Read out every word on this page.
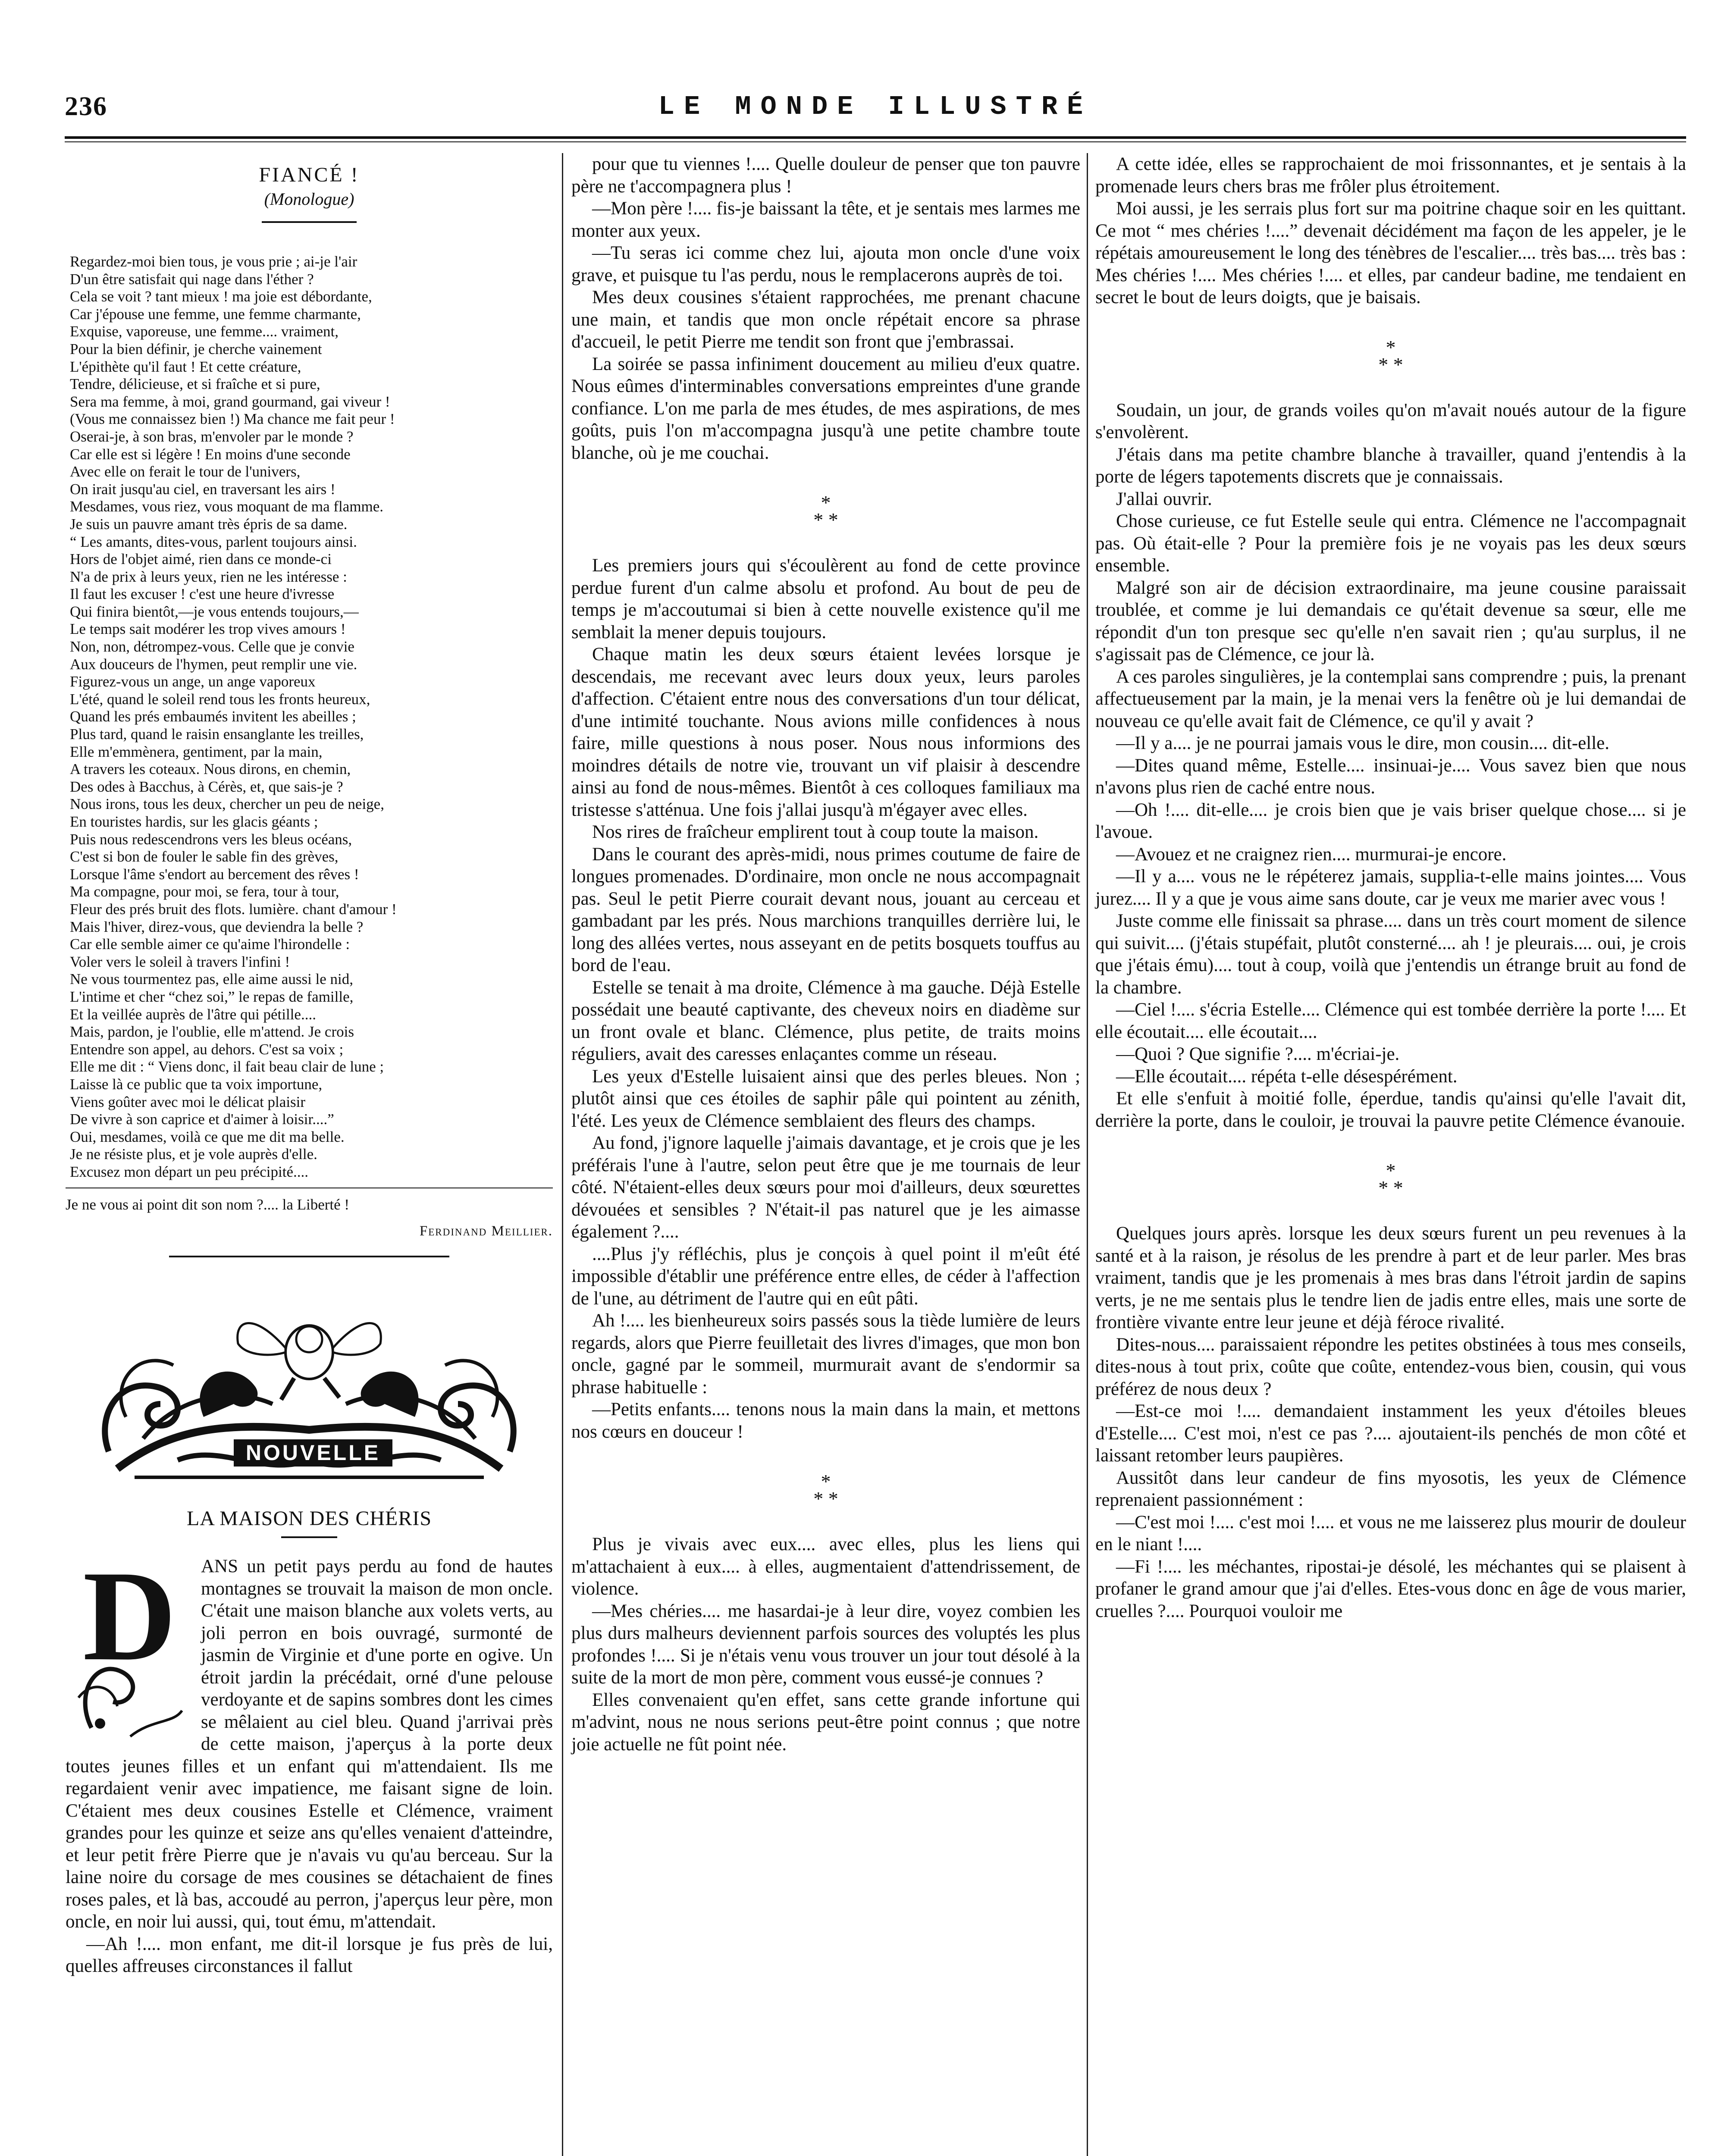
236	LE MONDE ILLUSTRÉ
FIANCÉ !
(Monologue)
Regardez-moi bien tous, je vous prie ; ai-je l'air
D'un être satisfait qui nage dans l'éther ?
Cela se voit ? tant mieux ! ma joie est débordante,
Car j'épouse une femme, une femme charmante,
Exquise, vaporeuse, une femme.... vraiment,
Pour la bien définir, je cherche vainement
L'épithète qu'il faut ! Et cette créature,
Tendre, délicieuse, et si fraîche et si pure,
Sera ma femme, à moi, grand gourmand, gai viveur !
(Vous me connaissez bien !) Ma chance me fait peur !
Oserai-je, à son bras, m'envoler par le monde ?
Car elle est si légère ! En moins d'une seconde
Avec elle on ferait le tour de l'univers,
On irait jusqu'au ciel, en traversant les airs !
Mesdames, vous riez, vous moquant de ma flamme.
Je suis un pauvre amant très épris de sa dame.
“ Les amants, dites-vous, parlent toujours ainsi.
Hors de l'objet aimé, rien dans ce monde-ci
N'a de prix à leurs yeux, rien ne les intéresse :
Il faut les excuser ! c'est une heure d'ivresse
Qui finira bientôt,—je vous entends toujours,—
Le temps sait modérer les trop vives amours !
Non, non, détrompez-vous. Celle que je convie
Aux douceurs de l'hymen, peut remplir une vie.
Figurez-vous un ange, un ange vaporeux
L'été, quand le soleil rend tous les fronts heureux,
Quand les prés embaumés invitent les abeilles ;
Plus tard, quand le raisin ensanglante les treilles,
Elle m'emmènera, gentiment, par la main,
A travers les coteaux. Nous dirons, en chemin,
Des odes à Bacchus, à Cérès, et, que sais-je ?
Nous irons, tous les deux, chercher un peu de neige,
En touristes hardis, sur les glacis géants ;
Puis nous redescendrons vers les bleus océans,
C'est si bon de fouler le sable fin des grèves,
Lorsque l'âme s'endort au bercement des rêves !
Ma compagne, pour moi, se fera, tour à tour,
Fleur des prés bruit des flots. lumière. chant d'amour !
Mais l'hiver, direz-vous, que deviendra la belle ?
Car elle semble aimer ce qu'aime l'hirondelle :
Voler vers le soleil à travers l'infini !
Ne vous tourmentez pas, elle aime aussi le nid,
L'intime et cher “chez soi,” le repas de famille,
Et la veillée auprès de l'âtre qui pétille....
Mais, pardon, je l'oublie, elle m'attend. Je crois
Entendre son appel, au dehors. C'est sa voix ;
Elle me dit : “ Viens donc, il fait beau clair de lune ;
Laisse là ce public que ta voix importune,
Viens goûter avec moi le délicat plaisir
De vivre à son caprice et d'aimer à loisir....”
Oui, mesdames, voilà ce que me dit ma belle.
Je ne résiste plus, et je vole auprès d'elle.
Excusez mon départ un peu précipité....
Je ne vous ai point dit son nom ?.... la Liberté !
Ferdinand Meillier.
NOUVELLE
LA MAISON DES CHÉRIS
D	ANS un petit pays perdu au fond de hautes montagnes se trouvait la maison de mon oncle. C'était une maison blanche aux volets verts, au joli perron en bois ouvragé, surmonté de jasmin de Virginie et d'une porte en ogive. Un étroit jardin la précédait, orné d'une pelouse verdoyante et de sapins sombres dont les cimes se mêlaient au ciel bleu. Quand j'arrivai près de cette maison, j'aperçus à la porte deux toutes jeunes filles et un enfant qui m'attendaient. Ils me regardaient venir avec impatience, me faisant signe de loin. C'étaient mes deux cousines Estelle et Clémence, vraiment grandes pour les quinze et seize ans qu'elles venaient d'atteindre, et leur petit frère Pierre que je n'avais vu qu'au berceau. Sur la laine noire du corsage de mes cousines se détachaient de fines roses pales, et là bas, accoudé au perron, j'aperçus leur père, mon oncle, en noir lui aussi, qui, tout ému, m'attendait.

—Ah !.... mon enfant, me dit-il lorsque je fus près de lui, quelles affreuses circonstances il fallut

pour que tu viennes !.... Quelle douleur de penser que ton pauvre père ne t'accompagnera plus !

—Mon père !.... fis-je baissant la tête, et je sentais mes larmes me monter aux yeux.

—Tu seras ici comme chez lui, ajouta mon oncle d'une voix grave, et puisque tu l'as perdu, nous le remplacerons auprès de toi.

Mes deux cousines s'étaient rapprochées, me prenant chacune une main, et tandis que mon oncle répétait encore sa phrase d'accueil, le petit Pierre me tendit son front que j'embrassai.

La soirée se passa infiniment doucement au milieu d'eux quatre. Nous eûmes d'interminables conversations empreintes d'une grande confiance. L'on me parla de mes études, de mes aspirations, de mes goûts, puis l'on m'accompagna jusqu'à une petite chambre toute blanche, où je me couchai.

*
* *

Les premiers jours qui s'écoulèrent au fond de cette province perdue furent d'un calme absolu et profond. Au bout de peu de temps je m'accoutumai si bien à cette nouvelle existence qu'il me semblait la mener depuis toujours.

Chaque matin les deux sœurs étaient levées lorsque je descendais, me recevant avec leurs doux yeux, leurs paroles d'affection. C'étaient entre nous des conversations d'un tour délicat, d'une intimité touchante. Nous avions mille confidences à nous faire, mille questions à nous poser. Nous nous informions des moindres détails de notre vie, trouvant un vif plaisir à descendre ainsi au fond de nous-mêmes. Bientôt à ces colloques familiaux ma tristesse s'atténua. Une fois j'allai jusqu'à m'égayer avec elles.

Nos rires de fraîcheur emplirent tout à coup toute la maison.

Dans le courant des après-midi, nous primes coutume de faire de longues promenades. D'ordinaire, mon oncle ne nous accompagnait pas. Seul le petit Pierre courait devant nous, jouant au cerceau et gambadant par les prés. Nous marchions tranquilles derrière lui, le long des allées vertes, nous asseyant en de petits bosquets touffus au bord de l'eau.

Estelle se tenait à ma droite, Clémence à ma gauche. Déjà Estelle possédait une beauté captivante, des cheveux noirs en diadème sur un front ovale et blanc. Clémence, plus petite, de traits moins réguliers, avait des caresses enlaçantes comme un réseau.

Les yeux d'Estelle luisaient ainsi que des perles bleues. Non ; plutôt ainsi que ces étoiles de saphir pâle qui pointent au zénith, l'été. Les yeux de Clémence semblaient des fleurs des champs.

Au fond, j'ignore laquelle j'aimais davantage, et je crois que je les préférais l'une à l'autre, selon peut être que je me tournais de leur côté. N'étaient-elles deux sœurs pour moi d'ailleurs, deux sœurettes dévouées et sensibles ? N'était-il pas naturel que je les aimasse également ?....

....Plus j'y réfléchis, plus je conçois à quel point il m'eût été impossible d'établir une préférence entre elles, de céder à l'affection de l'une, au détriment de l'autre qui en eût pâti.

Ah !.... les bienheureux soirs passés sous la tiède lumière de leurs regards, alors que Pierre feuilletait des livres d'images, que mon bon oncle, gagné par le sommeil, murmurait avant de s'endormir sa phrase habituelle :

—Petits enfants.... tenons nous la main dans la main, et mettons nos cœurs en douceur !

*
* *

Plus je vivais avec eux.... avec elles, plus les liens qui m'attachaient à eux.... à elles, augmentaient d'attendrissement, de violence.

—Mes chéries.... me hasardai-je à leur dire, voyez combien les plus durs malheurs deviennent parfois sources des voluptés les plus profondes !.... Si je n'étais venu vous trouver un jour tout désolé à la suite de la mort de mon père, comment vous eussé-je connues ?

Elles convenaient qu'en effet, sans cette grande infortune qui m'advint, nous ne nous serions peut-être point connus ; que notre joie actuelle ne fût point née.

A cette idée, elles se rapprochaient de moi frissonnantes, et je sentais à la promenade leurs chers bras me frôler plus étroitement.

Moi aussi, je les serrais plus fort sur ma poitrine chaque soir en les quittant. Ce mot “ mes chéries !....” devenait décidément ma façon de les appeler, je le répétais amoureusement le long des ténèbres de l'escalier.... très bas.... très bas : Mes chéries !.... Mes chéries !.... et elles, par candeur badine, me tendaient en secret le bout de leurs doigts, que je baisais.

*
* *

Soudain, un jour, de grands voiles qu'on m'avait noués autour de la figure s'envolèrent.

J'étais dans ma petite chambre blanche à travailler, quand j'entendis à la porte de légers tapotements discrets que je connaissais.

J'allai ouvrir.

Chose curieuse, ce fut Estelle seule qui entra. Clémence ne l'accompagnait pas. Où était-elle ? Pour la première fois je ne voyais pas les deux sœurs ensemble.

Malgré son air de décision extraordinaire, ma jeune cousine paraissait troublée, et comme je lui demandais ce qu'était devenue sa sœur, elle me répondit d'un ton presque sec qu'elle n'en savait rien ; qu'au surplus, il ne s'agissait pas de Clémence, ce jour là.

A ces paroles singulières, je la contemplai sans comprendre ; puis, la prenant affectueusement par la main, je la menai vers la fenêtre où je lui demandai de nouveau ce qu'elle avait fait de Clémence, ce qu'il y avait ?

—Il y a.... je ne pourrai jamais vous le dire, mon cousin.... dit-elle.

—Dites quand même, Estelle.... insinuai-je.... Vous savez bien que nous n'avons plus rien de caché entre nous.

—Oh !.... dit-elle.... je crois bien que je vais briser quelque chose.... si je l'avoue.

—Avouez et ne craignez rien.... murmurai-je encore.

—Il y a.... vous ne le répéterez jamais, supplia-t-elle mains jointes.... Vous jurez.... Il y a que je vous aime sans doute, car je veux me marier avec vous !

Juste comme elle finissait sa phrase.... dans un très court moment de silence qui suivit.... (j'étais stupéfait, plutôt consterné.... ah ! je pleurais.... oui, je crois que j'étais ému).... tout à coup, voilà que j'entendis un étrange bruit au fond de la chambre.

—Ciel !.... s'écria Estelle.... Clémence qui est tombée derrière la porte !.... Et elle écoutait.... elle écoutait....

—Quoi ? Que signifie ?.... m'écriai-je.

—Elle écoutait.... répéta t-elle désespérément.

Et elle s'enfuit à moitié folle, éperdue, tandis qu'ainsi qu'elle l'avait dit, derrière la porte, dans le couloir, je trouvai la pauvre petite Clémence évanouie.

*
* *

Quelques jours après. lorsque les deux sœurs furent un peu revenues à la santé et à la raison, je résolus de les prendre à part et de leur parler. Mes bras vraiment, tandis que je les promenais à mes bras dans l'étroit jardin de sapins verts, je ne me sentais plus le tendre lien de jadis entre elles, mais une sorte de frontière vivante entre leur jeune et déjà féroce rivalité.

Dites-nous.... paraissaient répondre les petites obstinées à tous mes conseils, dites-nous à tout prix, coûte que coûte, entendez-vous bien, cousin, qui vous préférez de nous deux ?

—Est-ce moi !.... demandaient instamment les yeux d'étoiles bleues d'Estelle.... C'est moi, n'est ce pas ?.... ajoutaient-ils penchés de mon côté et laissant retomber leurs paupières.

Aussitôt dans leur candeur de fins myosotis, les yeux de Clémence reprenaient passionnément :

—C'est moi !.... c'est moi !.... et vous ne me laisserez plus mourir de douleur en le niant !....

—Fi !.... les méchantes, ripostai-je désolé, les méchantes qui se plaisent à profaner le grand amour que j'ai d'elles. Etes-vous donc en âge de vous marier, cruelles ?.... Pourquoi vouloir me
